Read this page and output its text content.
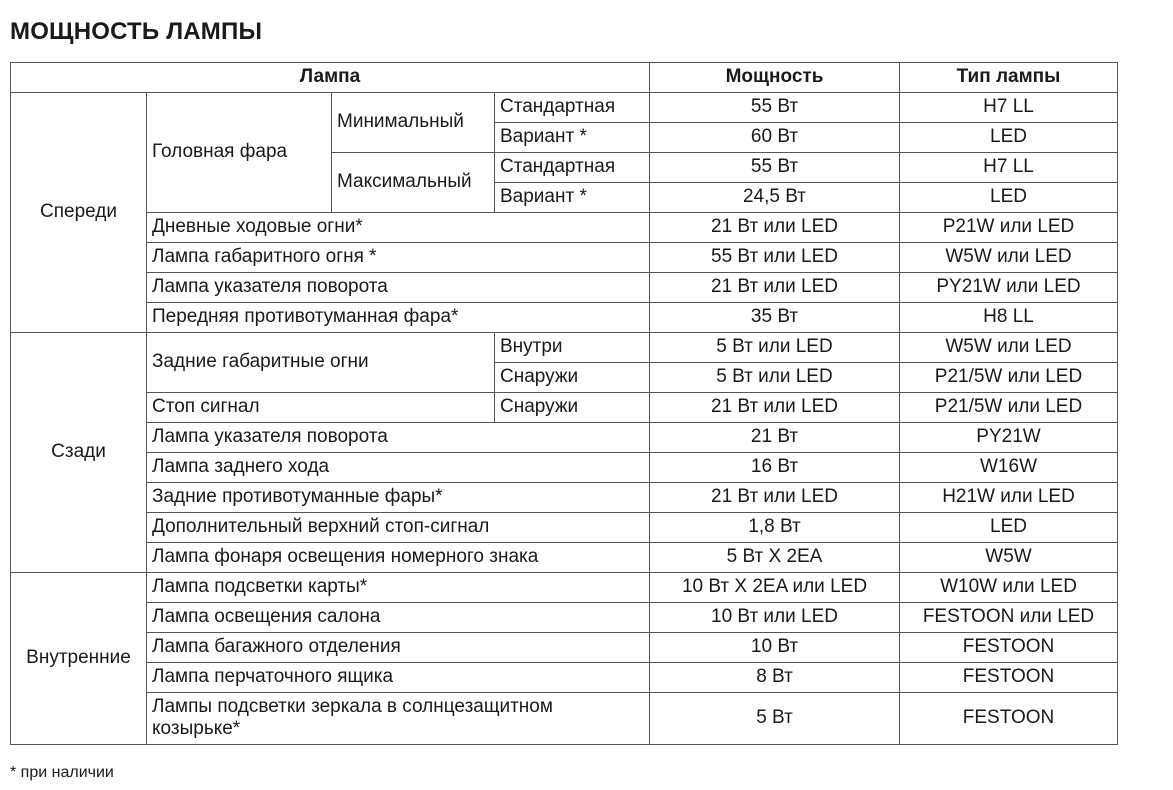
МОЩНОСТЬ ЛАМПЫ
Лампа				Мощность	Тип лампы
Спереди	Головная фара	Минимальный	Стандартная	55 Вт	H7 LL
			Вариант *	60 Вт	LED
		Максимальный	Стандартная	55 Вт	H7 LL
			Вариант *	24,5 Вт	LED
	Дневные ходовые огни*			21 Вт или LED	P21W или LED
	Лампа габаритного огня *			55 Вт или LED	W5W или LED
	Лампа указателя поворота			21 Вт или LED	PY21W или LED
	Передняя противотуманная фара*			35 Вт	H8 LL
Сзади	Задние габаритные огни		Внутри	5 Вт или LED	W5W или LED
			Снаружи	5 Вт или LED	P21/5W или LED
	Стоп сигнал		Снаружи	21 Вт или LED	P21/5W или LED
	Лампа указателя поворота			21 Вт	PY21W
	Лампа заднего хода			16 Вт	W16W
	Задние противотуманные фары*			21 Вт или LED	H21W или LED
	Дополнительный верхний стоп-сигнал			1,8 Вт	LED
	Лампа фонаря освещения номерного знака			5 Вт X 2EA	W5W
Внутренние	Лампа подсветки карты*			10 Вт X 2EA или LED	W10W или LED
	Лампа освещения салона			10 Вт или LED	FESTOON или LED
	Лампа багажного отделения			10 Вт	FESTOON
	Лампа перчаточного ящика			8 Вт	FESTOON
	Лампы подсветки зеркала в солнцезащитном козырьке*			5 Вт	FESTOON
* при наличии
